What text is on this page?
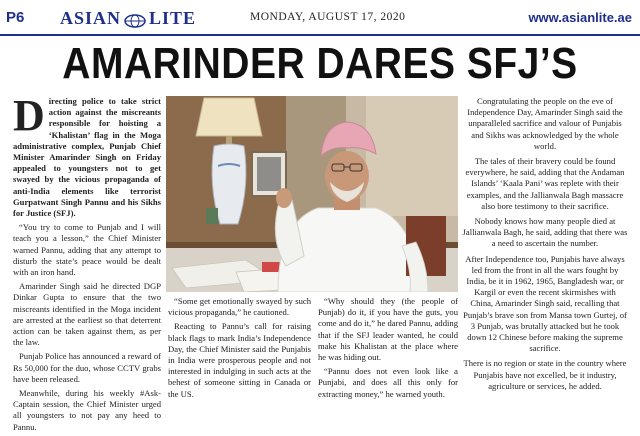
P6 ASIAN LITE	MONDAY, AUGUST 17, 2020	www.asianlite.ae
AMARINDER DARES SFJ’S

Directing police to take strict action against the miscreants responsible for hoisting a ‘Khalistan’ flag in the Moga administrative complex, Punjab Chief Minister Amarinder Singh on Friday appealed to youngsters not to get swayed by the vicious propaganda of anti-India elements like terrorist Gurpatwant Singh Pannu and his Sikhs for Justice (SFJ).

“You try to come to Punjab and I will teach you a lesson,” the Chief Minister warned Pannu, adding that any attempt to disturb the state’s peace would be dealt with an iron hand.

Amarinder Singh said he directed DGP Dinkar Gupta to ensure that the two miscreants identified in the Moga incident are arrested at the earliest so that deterrent action can be taken against them, as per the law.

Punjab Police has announced a reward of Rs 50,000 for the duo, whose CCTV grabs have been released.

Meanwhile, during his weekly #Ask-Captain session, the Chief Minister urged all youngsters to not pay any heed to Pannu.

“Some get emotionally swayed by such vicious propaganda,” he cautioned.

Reacting to Pannu’s call for raising black flags to mark India’s Independence Day, the Chief Minister said the Punjabis in India were prosperous people and not interested in indulging in such acts at the behest of someone sitting in Canada or the US.

“Why should they (the people of Punjab) do it, if you have the guts, you come and do it,” he dared Pannu, adding that if the SFJ leader wanted, he could make his Khalistan at the place where he was hiding out.

“Pannu does not even look like a Punjabi, and does all this only for extracting money,” he warned youth.

Congratulating the people on the eve of Independence Day, Amarinder Singh said the unparalleled sacrifice and valour of Punjabis and Sikhs was acknowledged by the whole world.

The tales of their bravery could be found everywhere, he said, adding that the Andaman Islands’ ‘Kaala Pani’ was replete with their examples, and the Jallianwala Bagh massacre also bore testimony to their sacrifice.

Nobody knows how many people died at Jallianwala Bagh, he said, adding that there was a need to ascertain the number.

After Independence too, Punjabis have always led from the front in all the wars fought by India, be it in 1962, 1965, Bangladesh war, or Kargil or even the recent skirmishes with China, Amarinder Singh said, recalling that Punjab’s brave son from Mansa town Gurtej, of 3 Punjab, was brutally attacked but he took down 12 Chinese before making the supreme sacrifice.

There is no region or state in the country where Punjabis have not excelled, be it industry, agriculture or services, he added.
